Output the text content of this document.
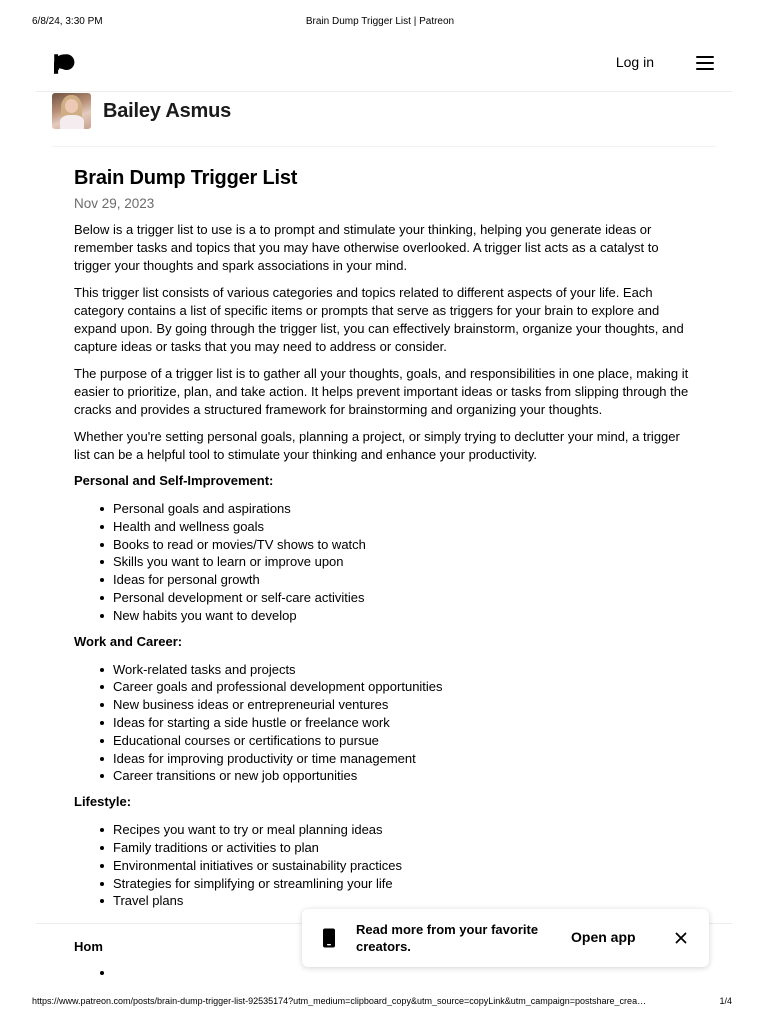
6/8/24, 3:30 PM	Brain Dump Trigger List | Patreon
Log in
Bailey Asmus
Brain Dump Trigger List
Nov 29, 2023

Below is a trigger list to use is a to prompt and stimulate your thinking, helping you generate ideas or remember tasks and topics that you may have otherwise overlooked. A trigger list acts as a catalyst to trigger your thoughts and spark associations in your mind.

This trigger list consists of various categories and topics related to different aspects of your life. Each category contains a list of specific items or prompts that serve as triggers for your brain to explore and expand upon. By going through the trigger list, you can effectively brainstorm, organize your thoughts, and capture ideas or tasks that you may need to address or consider.

The purpose of a trigger list is to gather all your thoughts, goals, and responsibilities in one place, making it easier to prioritize, plan, and take action. It helps prevent important ideas or tasks from slipping through the cracks and provides a structured framework for brainstorming and organizing your thoughts.

Whether you're setting personal goals, planning a project, or simply trying to declutter your mind, a trigger list can be a helpful tool to stimulate your thinking and enhance your productivity.

Personal and Self-Improvement:
Personal goals and aspirations
Health and wellness goals
Books to read or movies/TV shows to watch
Skills you want to learn or improve upon
Ideas for personal growth
Personal development or self-care activities
New habits you want to develop
Work and Career:
Work-related tasks and projects
Career goals and professional development opportunities
New business ideas or entrepreneurial ventures
Ideas for starting a side hustle or freelance work
Educational courses or certifications to pursue
Ideas for improving productivity or time management
Career transitions or new job opportunities
Lifestyle:
Recipes you want to try or meal planning ideas
Family traditions or activities to plan
Environmental initiatives or sustainability practices
Strategies for simplifying or streamlining your life
Travel plans
Hom
Read more from your favorite creators.
Open app
https://www.patreon.com/posts/brain-dump-trigger-list-92535174?utm_medium=clipboard_copy&utm_source=copyLink&utm_campaign=postshare_crea…	1/4
